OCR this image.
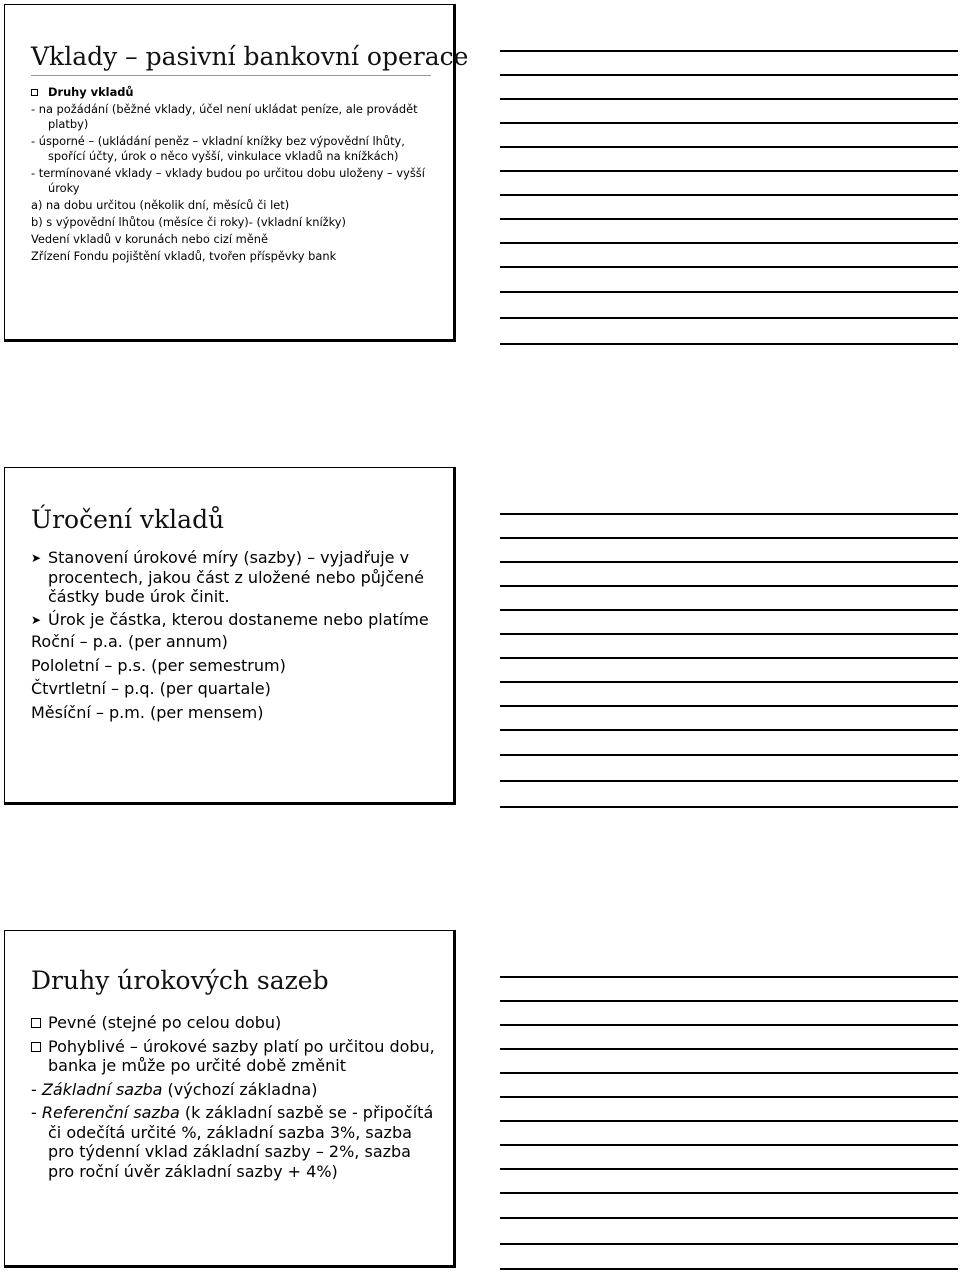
Vklady – pasivní bankovní operace
Druhy vkladů
- na požádání (běžné vklady, účel není ukládat peníze, ale provádět platby)
- úsporné – (ukládání peněz – vkladní knížky bez výpovědní lhůty, spořící účty, úrok o něco vyšší, vinkulace vkladů na knížkách)
- termínované vklady – vklady budou po určitou dobu uloženy – vyšší úroky
a) na dobu určitou (několik dní, měsíců či let)
b) s výpovědní lhůtou (měsíce či roky)- (vkladní knížky)
Vedení vkladů v korunách nebo cizí měně
Zřízení Fondu pojištění vkladů, tvořen příspěvky bank
Úročení vkladů
➤ Stanovení úrokové míry (sazby) – vyjadřuje v procentech, jakou část z uložené nebo půjčené částky bude úrok činit.
➤ Úrok je částka, kterou dostaneme nebo platíme
Roční – p.a. (per annum)
Pololetní – p.s. (per semestrum)
Čtvrtletní – p.q. (per quartale)
Měsíční – p.m. (per mensem)
Druhy úrokových sazeb
Pevné (stejné po celou dobu)
Pohyblivé – úrokové sazby platí po určitou dobu, banka je může po určité době změnit
- Základní sazba (výchozí základna)
- Referenční sazba (k základní sazbě se - připočítá či odečítá určité %, základní sazba 3%, sazba pro týdenní vklad základní sazby – 2%, sazba pro roční úvěr základní sazby + 4%)
